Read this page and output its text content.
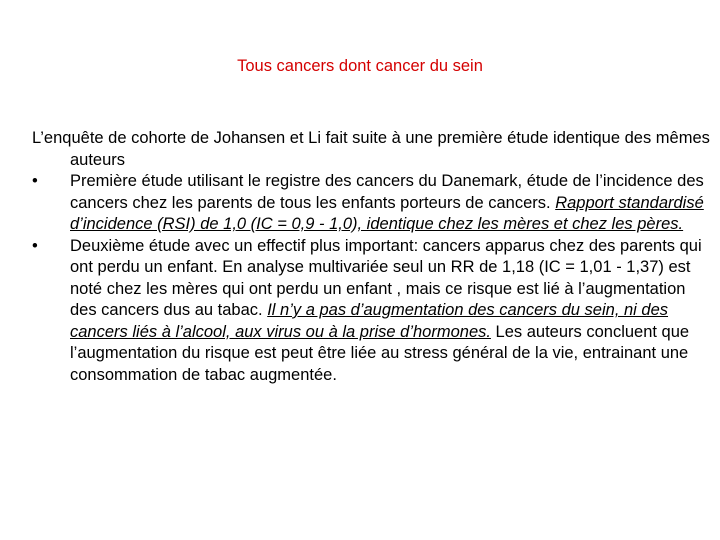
Tous cancers dont cancer du sein

L’enquête de cohorte de Johansen et Li fait suite à une première étude identique des mêmes auteurs

• Première étude utilisant le registre des cancers du Danemark, étude de l’incidence des cancers chez les parents de tous les enfants porteurs de cancers. Rapport standardisé d’incidence (RSI) de 1,0 (IC = 0,9 - 1,0), identique chez les mères et chez les pères.

• Deuxième étude avec un effectif plus important: cancers apparus chez des parents qui ont perdu un enfant. En analyse multivariée seul un RR de 1,18 (IC = 1,01 - 1,37) est noté chez les mères qui ont perdu un enfant , mais ce risque est lié à l’augmentation des cancers dus au tabac. Il n’y a pas d’augmentation des cancers du sein, ni des cancers liés à l’alcool, aux virus ou à la prise d’hormones. Les auteurs concluent que l’augmentation du risque est peut être liée au stress général de la vie, entrainant une consommation de tabac augmentée.
